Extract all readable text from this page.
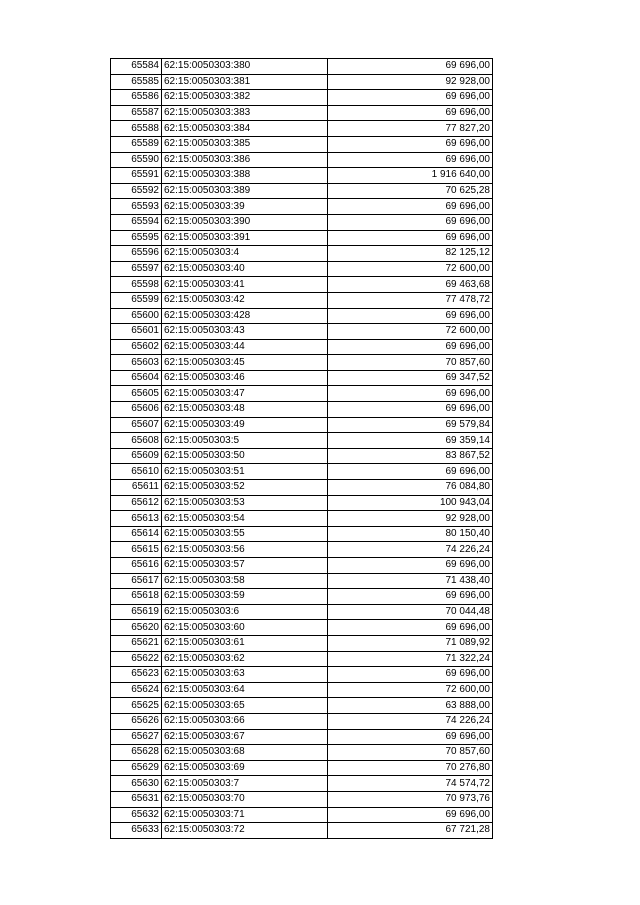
65584	62:15:0050303:380	69 696,00
65585	62:15:0050303:381	92 928,00
65586	62:15:0050303:382	69 696,00
65587	62:15:0050303:383	69 696,00
65588	62:15:0050303:384	77 827,20
65589	62:15:0050303:385	69 696,00
65590	62:15:0050303:386	69 696,00
65591	62:15:0050303:388	1 916 640,00
65592	62:15:0050303:389	70 625,28
65593	62:15:0050303:39	69 696,00
65594	62:15:0050303:390	69 696,00
65595	62:15:0050303:391	69 696,00
65596	62:15:0050303:4	82 125,12
65597	62:15:0050303:40	72 600,00
65598	62:15:0050303:41	69 463,68
65599	62:15:0050303:42	77 478,72
65600	62:15:0050303:428	69 696,00
65601	62:15:0050303:43	72 600,00
65602	62:15:0050303:44	69 696,00
65603	62:15:0050303:45	70 857,60
65604	62:15:0050303:46	69 347,52
65605	62:15:0050303:47	69 696,00
65606	62:15:0050303:48	69 696,00
65607	62:15:0050303:49	69 579,84
65608	62:15:0050303:5	69 359,14
65609	62:15:0050303:50	83 867,52
65610	62:15:0050303:51	69 696,00
65611	62:15:0050303:52	76 084,80
65612	62:15:0050303:53	100 943,04
65613	62:15:0050303:54	92 928,00
65614	62:15:0050303:55	80 150,40
65615	62:15:0050303:56	74 226,24
65616	62:15:0050303:57	69 696,00
65617	62:15:0050303:58	71 438,40
65618	62:15:0050303:59	69 696,00
65619	62:15:0050303:6	70 044,48
65620	62:15:0050303:60	69 696,00
65621	62:15:0050303:61	71 089,92
65622	62:15:0050303:62	71 322,24
65623	62:15:0050303:63	69 696,00
65624	62:15:0050303:64	72 600,00
65625	62:15:0050303:65	63 888,00
65626	62:15:0050303:66	74 226,24
65627	62:15:0050303:67	69 696,00
65628	62:15:0050303:68	70 857,60
65629	62:15:0050303:69	70 276,80
65630	62:15:0050303:7	74 574,72
65631	62:15:0050303:70	70 973,76
65632	62:15:0050303:71	69 696,00
65633	62:15:0050303:72	67 721,28
